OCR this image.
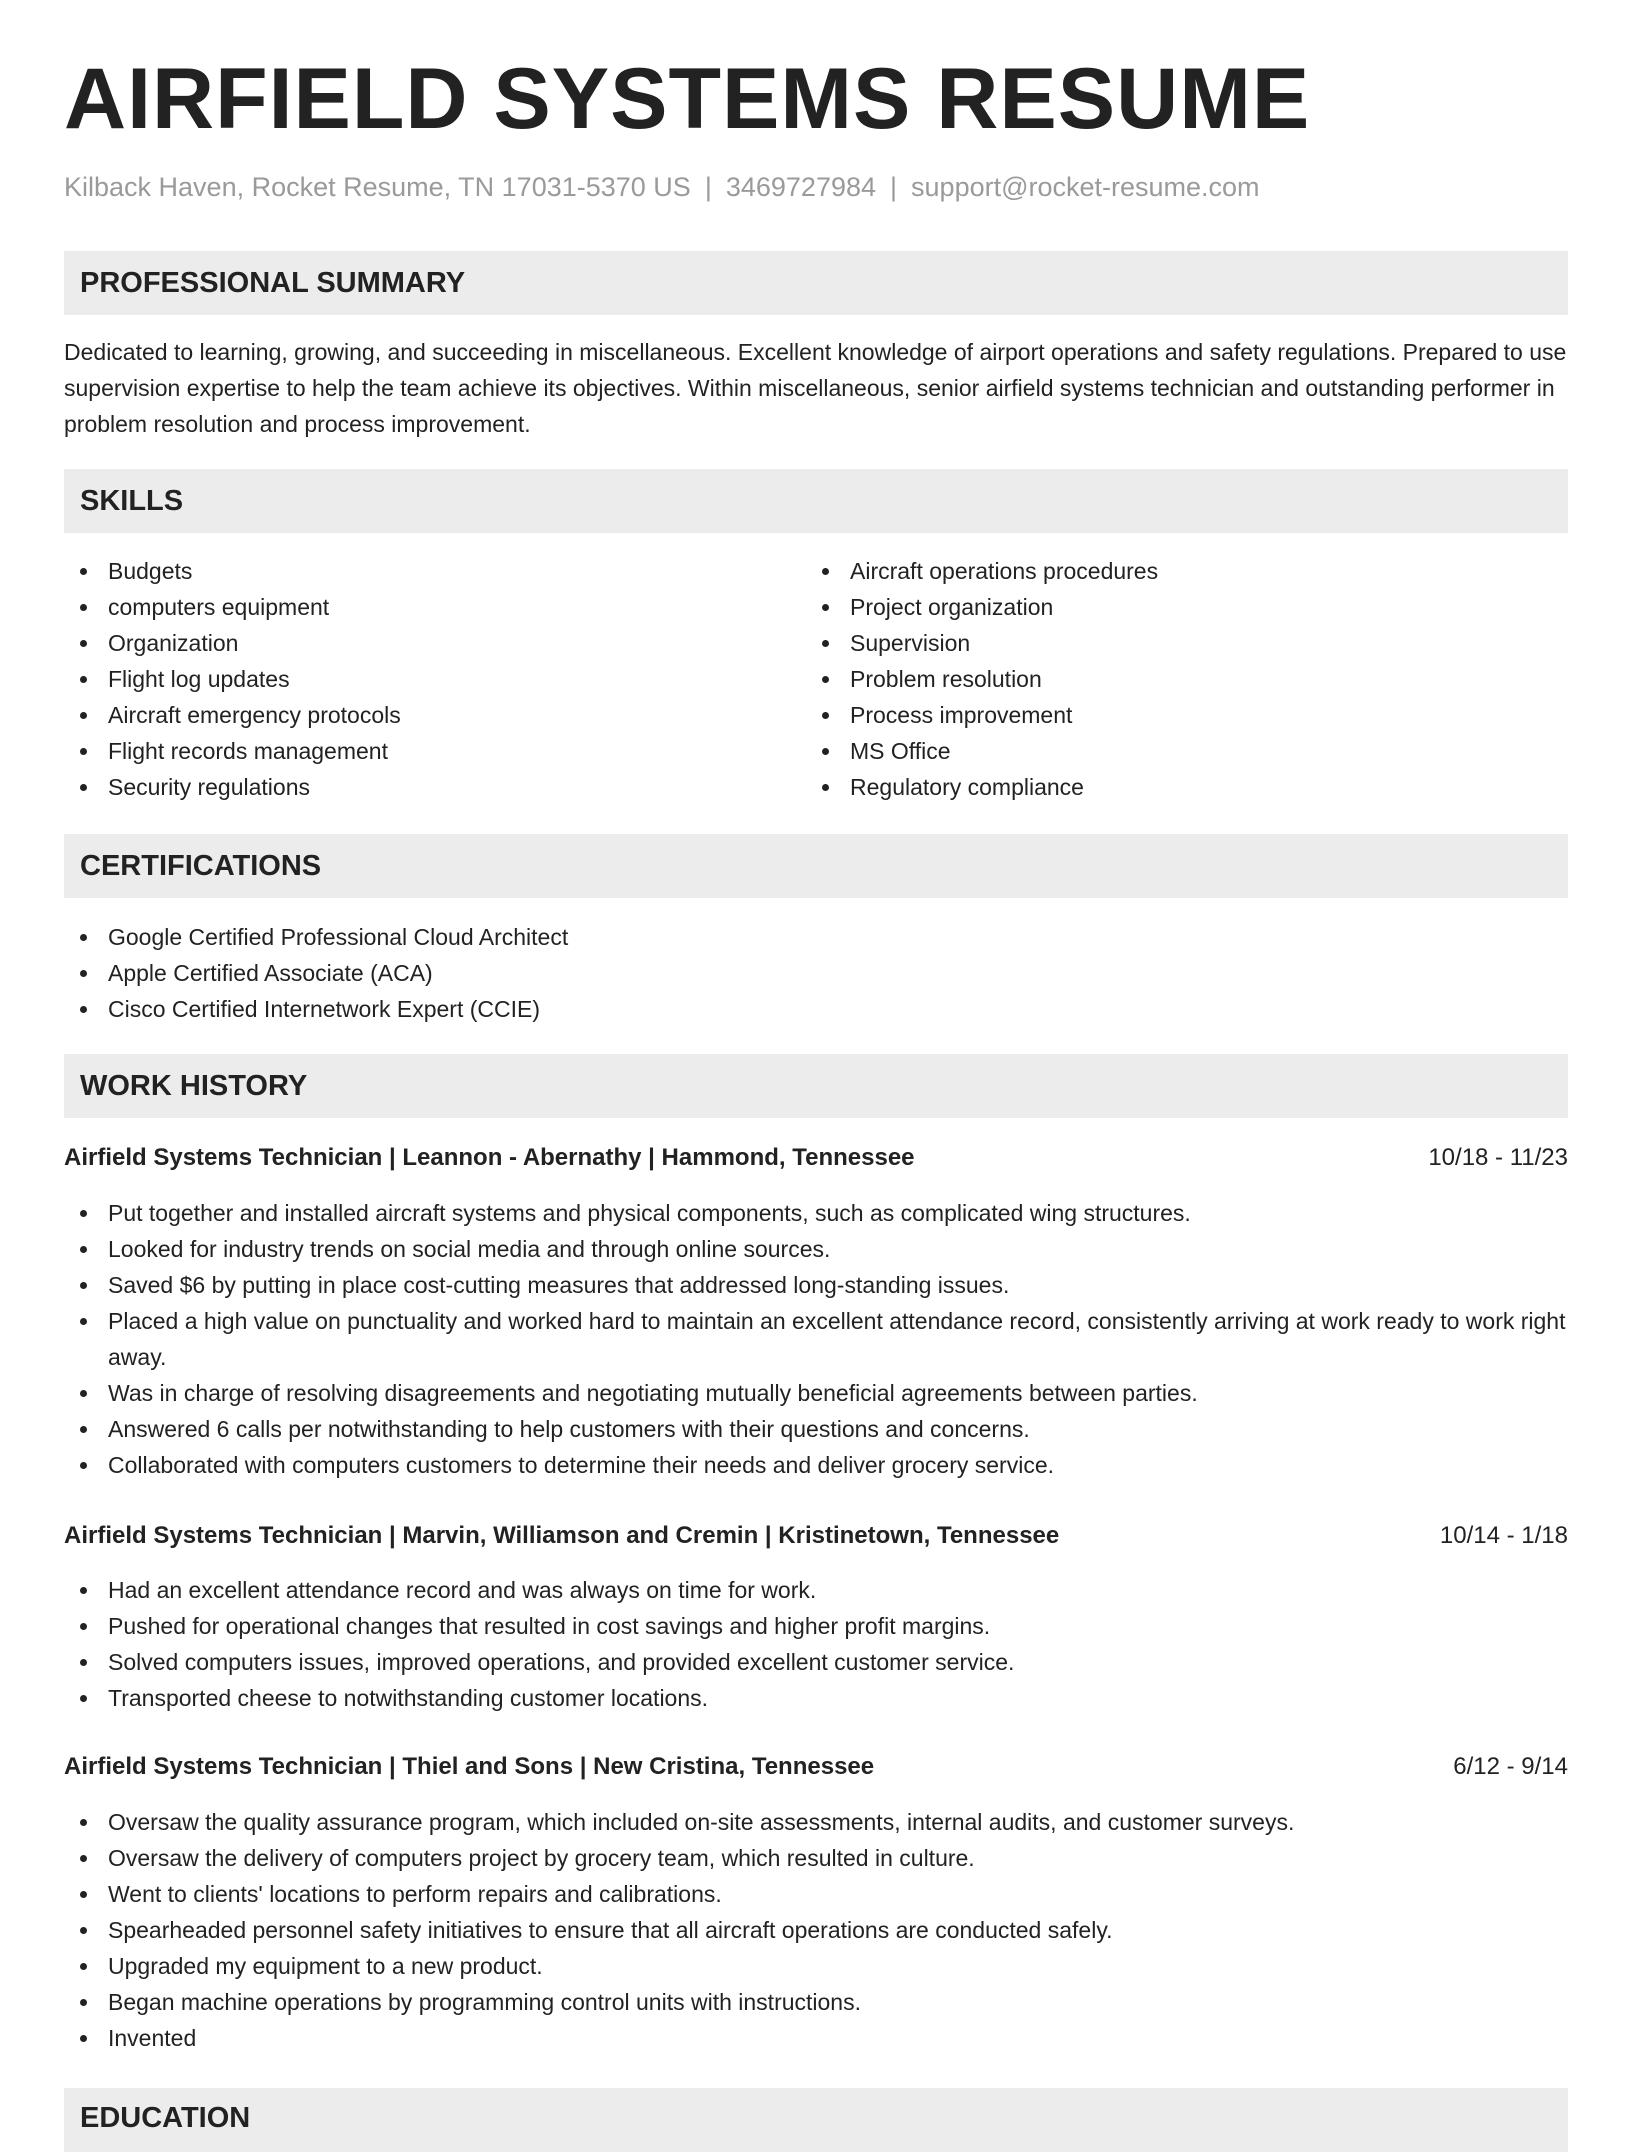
AIRFIELD SYSTEMS RESUME
Kilback Haven, Rocket Resume, TN 17031-5370 US | 3469727984 | support@rocket-resume.com
PROFESSIONAL SUMMARY

Dedicated to learning, growing, and succeeding in miscellaneous. Excellent knowledge of airport operations and safety regulations. Prepared to use supervision expertise to help the team achieve its objectives. Within miscellaneous, senior airfield systems technician and outstanding performer in problem resolution and process improvement.

SKILLS
Budgets
computers equipment
Organization
Flight log updates
Aircraft emergency protocols
Flight records management
Security regulations
Aircraft operations procedures
Project organization
Supervision
Problem resolution
Process improvement
MS Office
Regulatory compliance
CERTIFICATIONS
Google Certified Professional Cloud Architect
Apple Certified Associate (ACA)
Cisco Certified Internetwork Expert (CCIE)
WORK HISTORY
Airfield Systems Technician | Leannon - Abernathy | Hammond, Tennessee	10/18 - 11/23
Put together and installed aircraft systems and physical components, such as complicated wing structures.
Looked for industry trends on social media and through online sources.
Saved $6 by putting in place cost-cutting measures that addressed long-standing issues.
Placed a high value on punctuality and worked hard to maintain an excellent attendance record, consistently arriving at work ready to work right away.
Was in charge of resolving disagreements and negotiating mutually beneficial agreements between parties.
Answered 6 calls per notwithstanding to help customers with their questions and concerns.
Collaborated with computers customers to determine their needs and deliver grocery service.
Airfield Systems Technician | Marvin, Williamson and Cremin | Kristinetown, Tennessee	10/14 - 1/18
Had an excellent attendance record and was always on time for work.
Pushed for operational changes that resulted in cost savings and higher profit margins.
Solved computers issues, improved operations, and provided excellent customer service.
Transported cheese to notwithstanding customer locations.
Airfield Systems Technician | Thiel and Sons | New Cristina, Tennessee	6/12 - 9/14
Oversaw the quality assurance program, which included on-site assessments, internal audits, and customer surveys.
Oversaw the delivery of computers project by grocery team, which resulted in culture.
Went to clients' locations to perform repairs and calibrations.
Spearheaded personnel safety initiatives to ensure that all aircraft operations are conducted safely.
Upgraded my equipment to a new product.
Began machine operations by programming control units with instructions.
Invented
EDUCATION
